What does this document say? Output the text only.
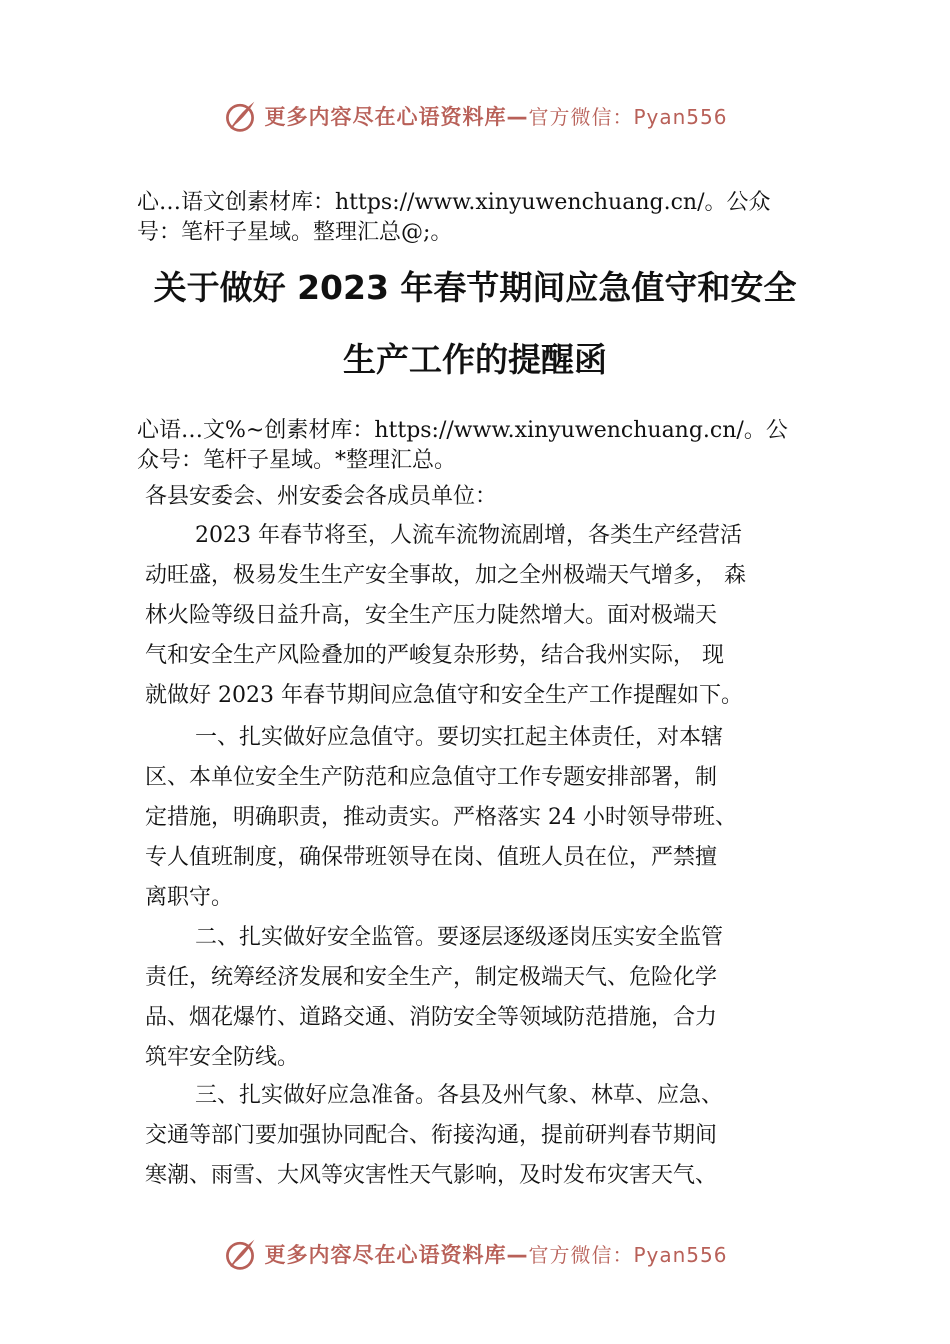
更多内容尽在心语资料库—官方微信：Pyan556

心…语文创素材库：https://www.xinyuwenchuang.cn/。公众

号：笔杆子星域。整理汇总@;。

关于做好 2023 年春节期间应急值守和安全
生产工作的提醒函

心语…文%~创素材库：https://www.xinyuwenchuang.cn/。公

众号：笔杆子星域。*整理汇总。

各县安委会、州安委会各成员单位：

2023 年春节将至，人流车流物流剧增，各类生产经营活

动旺盛，极易发生生产安全事故，加之全州极端天气增多， 森

林火险等级日益升高，安全生产压力陡然增大。面对极端天

气和安全生产风险叠加的严峻复杂形势，结合我州实际， 现

就做好 2023 年春节期间应急值守和安全生产工作提醒如下。

一、扎实做好应急值守。要切实扛起主体责任，对本辖

区、本单位安全生产防范和应急值守工作专题安排部署，制

定措施，明确职责，推动责实。严格落实 24 小时领导带班、

专人值班制度，确保带班领导在岗、值班人员在位，严禁擅

离职守。

二、扎实做好安全监管。要逐层逐级逐岗压实安全监管

责任，统筹经济发展和安全生产，制定极端天气、危险化学

品、烟花爆竹、道路交通、消防安全等领域防范措施，合力

筑牢安全防线。

三、扎实做好应急准备。各县及州气象、林草、应急、

交通等部门要加强协同配合、衔接沟通，提前研判春节期间

寒潮、雨雪、大风等灾害性天气影响，及时发布灾害天气、

更多内容尽在心语资料库—官方微信：Pyan556
